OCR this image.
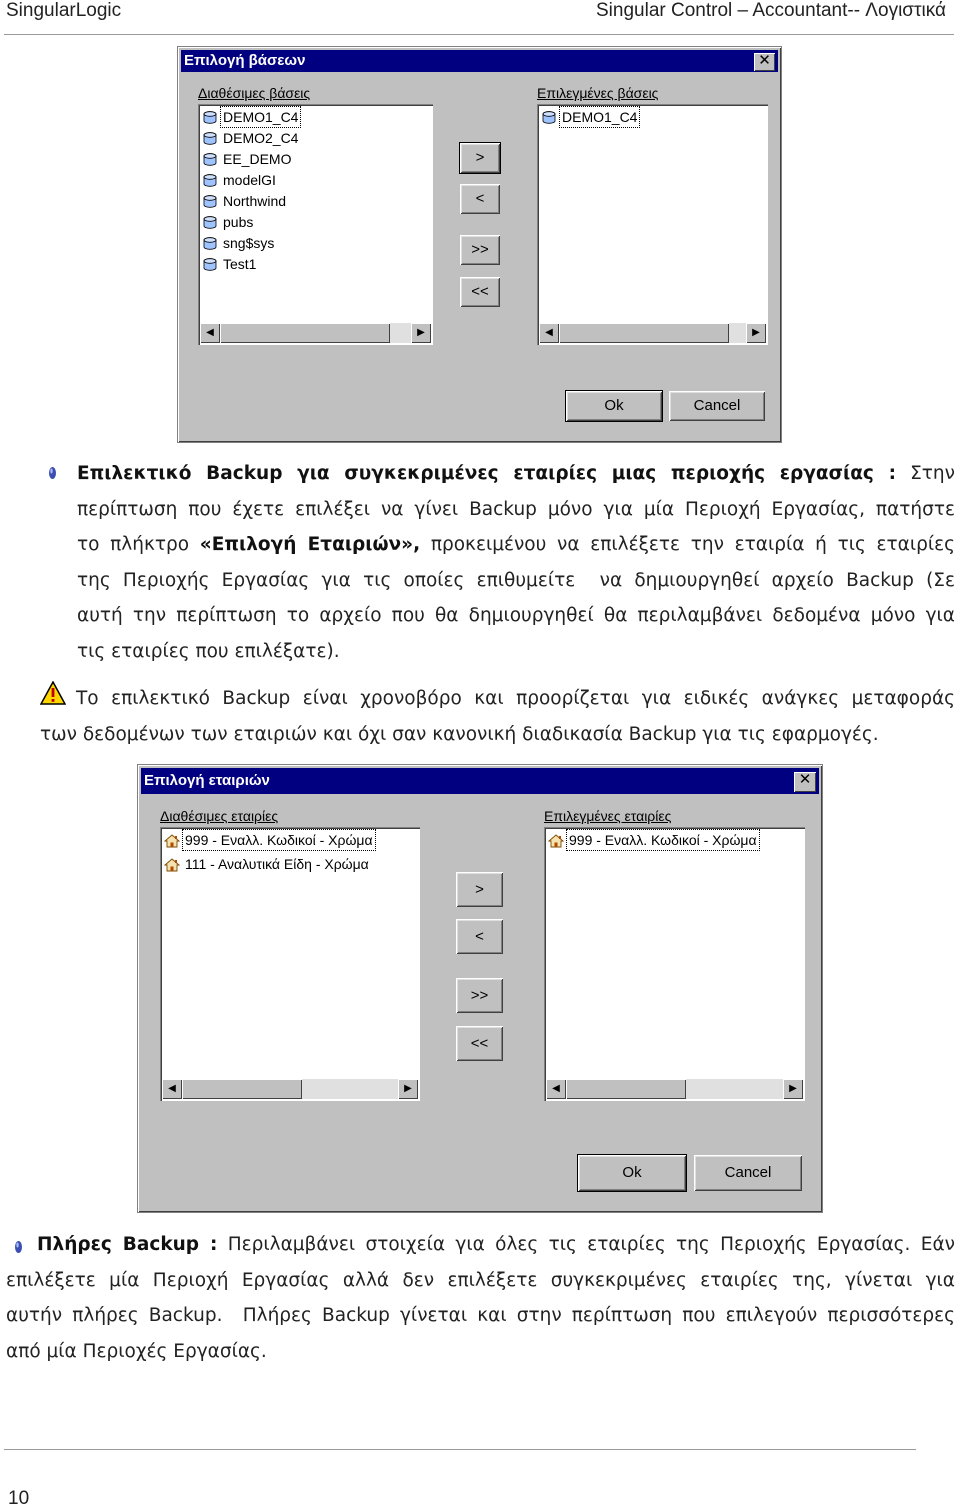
SingularLogic	Singular Control – Accountant-- Λογιστικά
Επιλογή βάσεων	✕
Διαθέσιμες βάσεις	Επιλεγμένες βάσεις
DEMO1_C4
DEMO2_C4
EE_DEMO
modelGI
Northwind
pubs
sng$sys
Test1
◀	▶
DEMO1_C4
◀	▶
>
<
>>
<<
Ok	Cancel
Επιλεκτικό Backup για συγκεκριμένες εταιρίες μιας περιοχής εργασίας : Στην
περίπτωση που έχετε επιλέξει να γίνει Backup μόνο για μία Περιοχή Εργασίας, πατήστε
το πλήκτρο «Επιλογή Εταιριών», προκειμένου να επιλέξετε την εταιρία ή τις εταιρίες
της Περιοχής Εργασίας για τις οποίες επιθυμείτε  να δημιουργηθεί αρχείο Backup (Σε
αυτή την περίπτωση το αρχείο που θα δημιουργηθεί θα περιλαμβάνει δεδομένα μόνο για
τις εταιρίες που επιλέξατε).
Το επιλεκτικό Backup είναι χρονοβόρο και προορίζεται για ειδικές ανάγκες μεταφοράς
των δεδομένων των εταιριών και όχι σαν κανονική διαδικασία Backup για τις εφαρμογές.
Επιλογή εταιριών	✕
Διαθέσιμες εταιρίες	Επιλεγμένες εταιρίες
999 - Εναλλ. Κωδικοί - Χρώμα
111 - Αναλυτικά Είδη - Χρώμα
◀	▶
999 - Εναλλ. Κωδικοί - Χρώμα
◀	▶
>
<
>>
<<
Ok	Cancel
Πλήρες Backup : Περιλαμβάνει στοιχεία για όλες τις εταιρίες της Περιοχής Εργασίας. Εάν
επιλέξετε μία Περιοχή Εργασίας αλλά δεν επιλέξετε συγκεκριμένες εταιρίες της, γίνεται για
αυτήν πλήρες Backup.  Πλήρες Backup γίνεται και στην περίπτωση που επιλεγούν περισσότερες
από μία Περιοχές Εργασίας.
10
